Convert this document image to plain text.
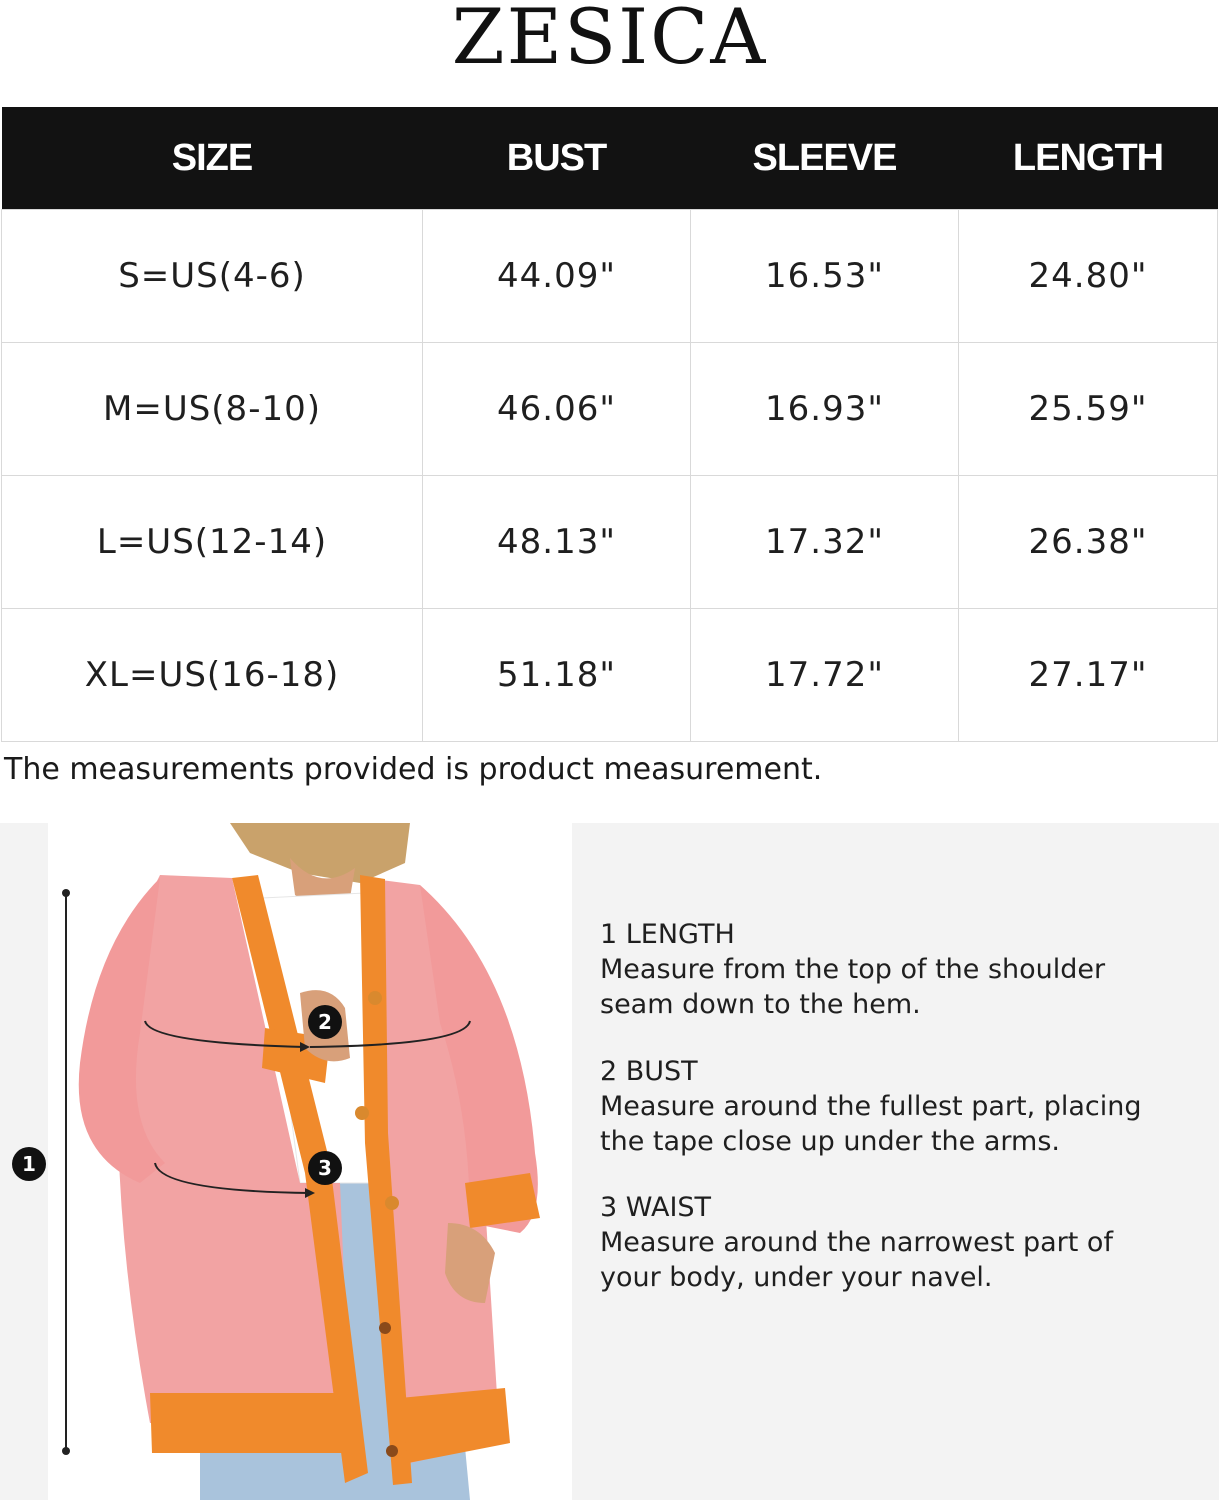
ZESICA
SIZE	BUST	SLEEVE	LENGTH
S=US(4-6)	44.09"	16.53"	24.80"
M=US(8-10)	46.06"	16.93"	25.59"
L=US(12-14)	48.13"	17.32"	26.38"
XL=US(16-18)	51.18"	17.72"	27.17"
The measurements provided is product measurement.
1
2
3
1 LENGTH
Measure from the top of the shoulder seam down to the hem.
2 BUST
Measure around the fullest part, placing the tape close up under the arms.
3 WAIST
Measure around the narrowest part of your body, under your navel.
